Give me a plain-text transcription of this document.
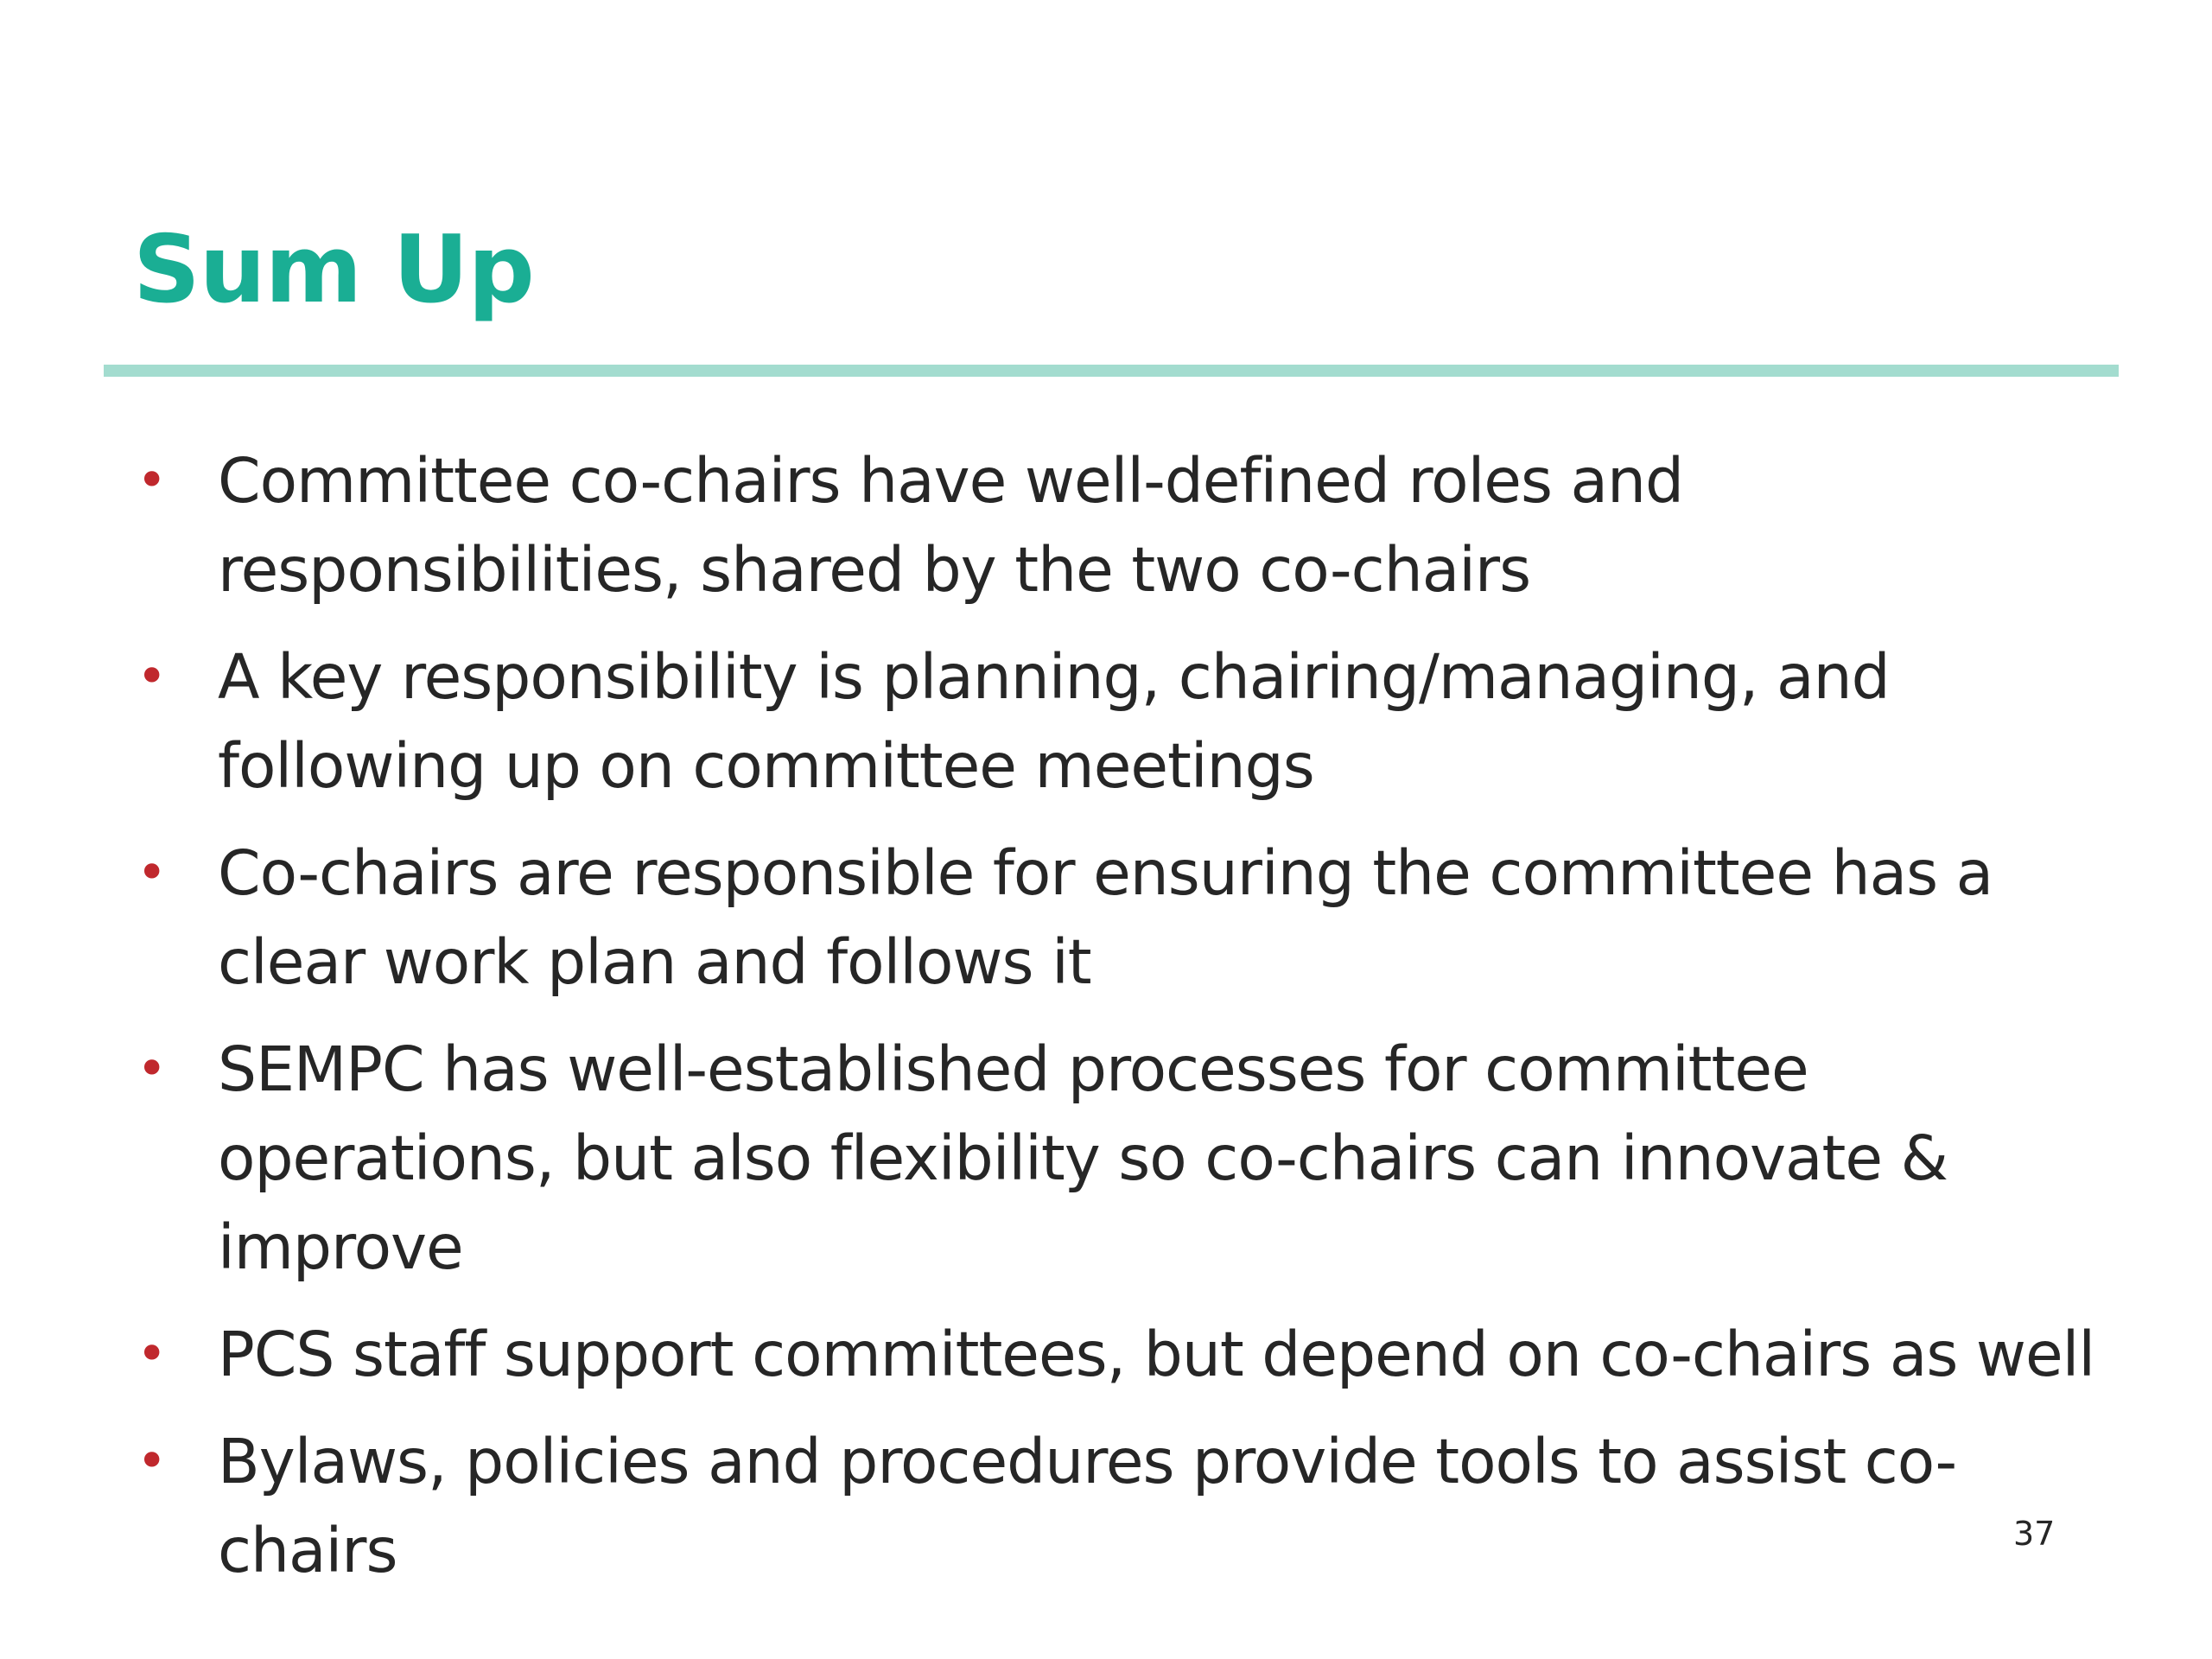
Sum Up
• Committee co-chairs have well-defined roles and responsibilities, shared by the two co-chairs
• A key responsibility is planning, chairing/managing, and following up on committee meetings
• Co-chairs are responsible for ensuring the committee has a clear work plan and follows it
• SEMPC has well-established processes for committee operations, but also flexibility so co-chairs can innovate & improve
• PCS staff support committees, but depend on co-chairs as well
• Bylaws, policies and procedures provide tools to assist co-chairs	37
